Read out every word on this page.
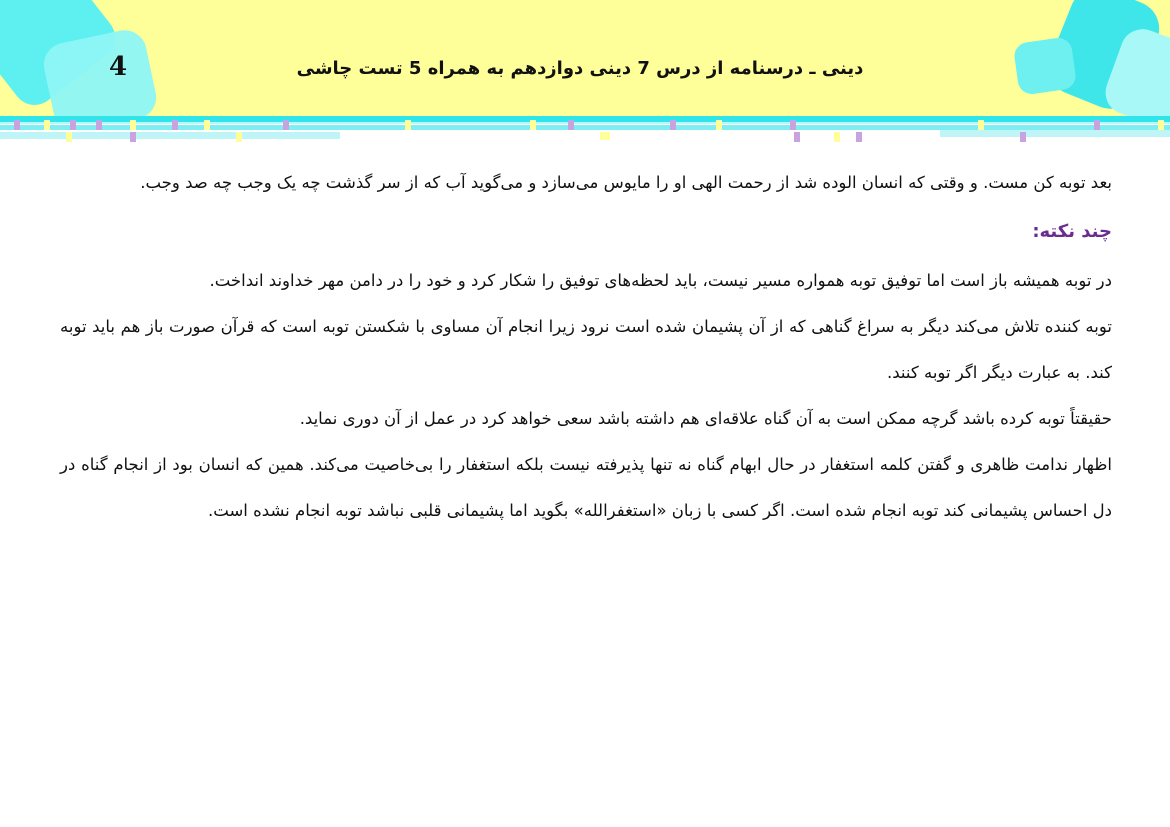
4	دینی ـ درسنامه از درس 7 دینی دوازدهم به همراه 5 تست چاشی

بعد توبه کن مست. و وقتی که انسان الوده شد از رحمت الهی او را مایوس می‌سازد و می‌گوید آب که از سر گذشت چه یک وجب چه صد وجب.

چند نکته:

در توبه همیشه باز است اما توفیق توبه همواره مسیر نیست، باید لحظه‌های توفیق را شکار کرد و خود را در دامن مهر خداوند انداخت.

توبه کننده تلاش می‌کند دیگر به سراغ گناهی که از آن پشیمان شده است نرود زیرا انجام آن مساوی با شکستن توبه است که قرآن صورت باز هم باید توبه کند. به عبارت دیگر اگر توبه کنند.

حقیقتاً توبه کرده باشد گرچه ممکن است به آن گناه علاقه‌ای هم داشته باشد سعی خواهد کرد در عمل از آن دوری نماید.

اظهار ندامت ظاهری و گفتن کلمه استغفار در حال ابهام گناه نه تنها پذیرفته نیست بلکه استغفار را بی‌خاصیت می‌کند. همین که انسان بود از انجام گناه در دل احساس پشیمانی کند توبه انجام شده است. اگر کسی با زبان «استغفرالله» بگوید اما پشیمانی قلبی نباشد توبه انجام نشده است.
